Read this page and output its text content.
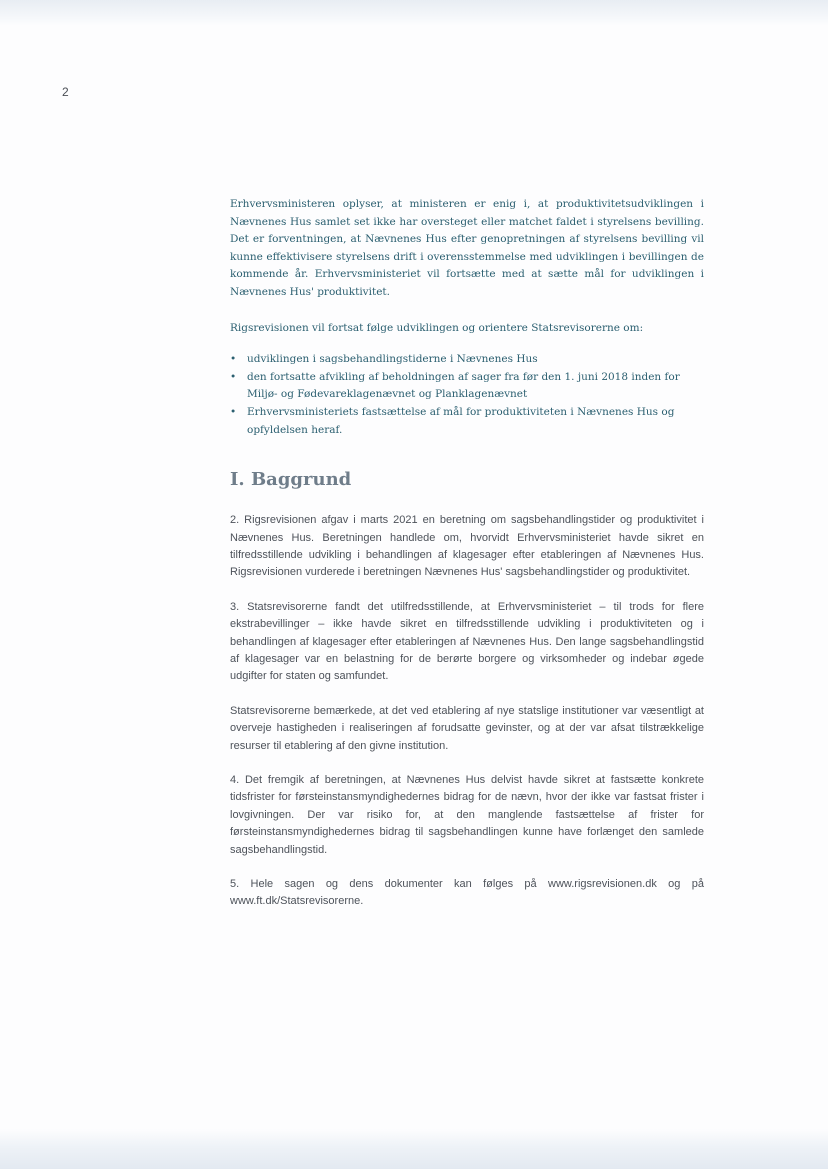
2

Erhvervsministeren oplyser, at ministeren er enig i, at produktivitetsudviklingen i Nævnenes Hus samlet set ikke har oversteget eller matchet faldet i styrelsens bevilling. Det er forventningen, at Nævnenes Hus efter genopretningen af styrelsens bevilling vil kunne effektivisere styrelsens drift i overensstemmelse med udviklingen i bevillingen de kommende år. Erhvervsministeriet vil fortsætte med at sætte mål for udviklingen i Nævnenes Hus' produktivitet.

Rigsrevisionen vil fortsat følge udviklingen og orientere Statsrevisorerne om:

• udviklingen i sagsbehandlingstiderne i Nævnenes Hus
• den fortsatte afvikling af beholdningen af sager fra før den 1. juni 2018 inden for Miljø- og Fødevareklagenævnet og Planklagenævnet
• Erhvervsministeriets fastsættelse af mål for produktiviteten i Nævnenes Hus og opfyldelsen heraf.
I. Baggrund

2. Rigsrevisionen afgav i marts 2021 en beretning om sagsbehandlingstider og produktivitet i Nævnenes Hus. Beretningen handlede om, hvorvidt Erhvervsministeriet havde sikret en tilfredsstillende udvikling i behandlingen af klagesager efter etableringen af Nævnenes Hus. Rigsrevisionen vurderede i beretningen Nævnenes Hus' sagsbehandlingstider og produktivitet.

3. Statsrevisorerne fandt det utilfredsstillende, at Erhvervsministeriet – til trods for flere ekstrabevillinger – ikke havde sikret en tilfredsstillende udvikling i produktiviteten og i behandlingen af klagesager efter etableringen af Nævnenes Hus. Den lange sagsbehandlingstid af klagesager var en belastning for de berørte borgere og virksomheder og indebar øgede udgifter for staten og samfundet.

Statsrevisorerne bemærkede, at det ved etablering af nye statslige institutioner var væsentligt at overveje hastigheden i realiseringen af forudsatte gevinster, og at der var afsat tilstrækkelige resurser til etablering af den givne institution.

4. Det fremgik af beretningen, at Nævnenes Hus delvist havde sikret at fastsætte konkrete tidsfrister for førsteinstansmyndighedernes bidrag for de nævn, hvor der ikke var fastsat frister i lovgivningen. Der var risiko for, at den manglende fastsættelse af frister for førsteinstansmyndighedernes bidrag til sagsbehandlingen kunne have forlænget den samlede sagsbehandlingstid.

5. Hele sagen og dens dokumenter kan følges på www.rigsrevisionen.dk og på www.ft.dk/Statsrevisorerne.
